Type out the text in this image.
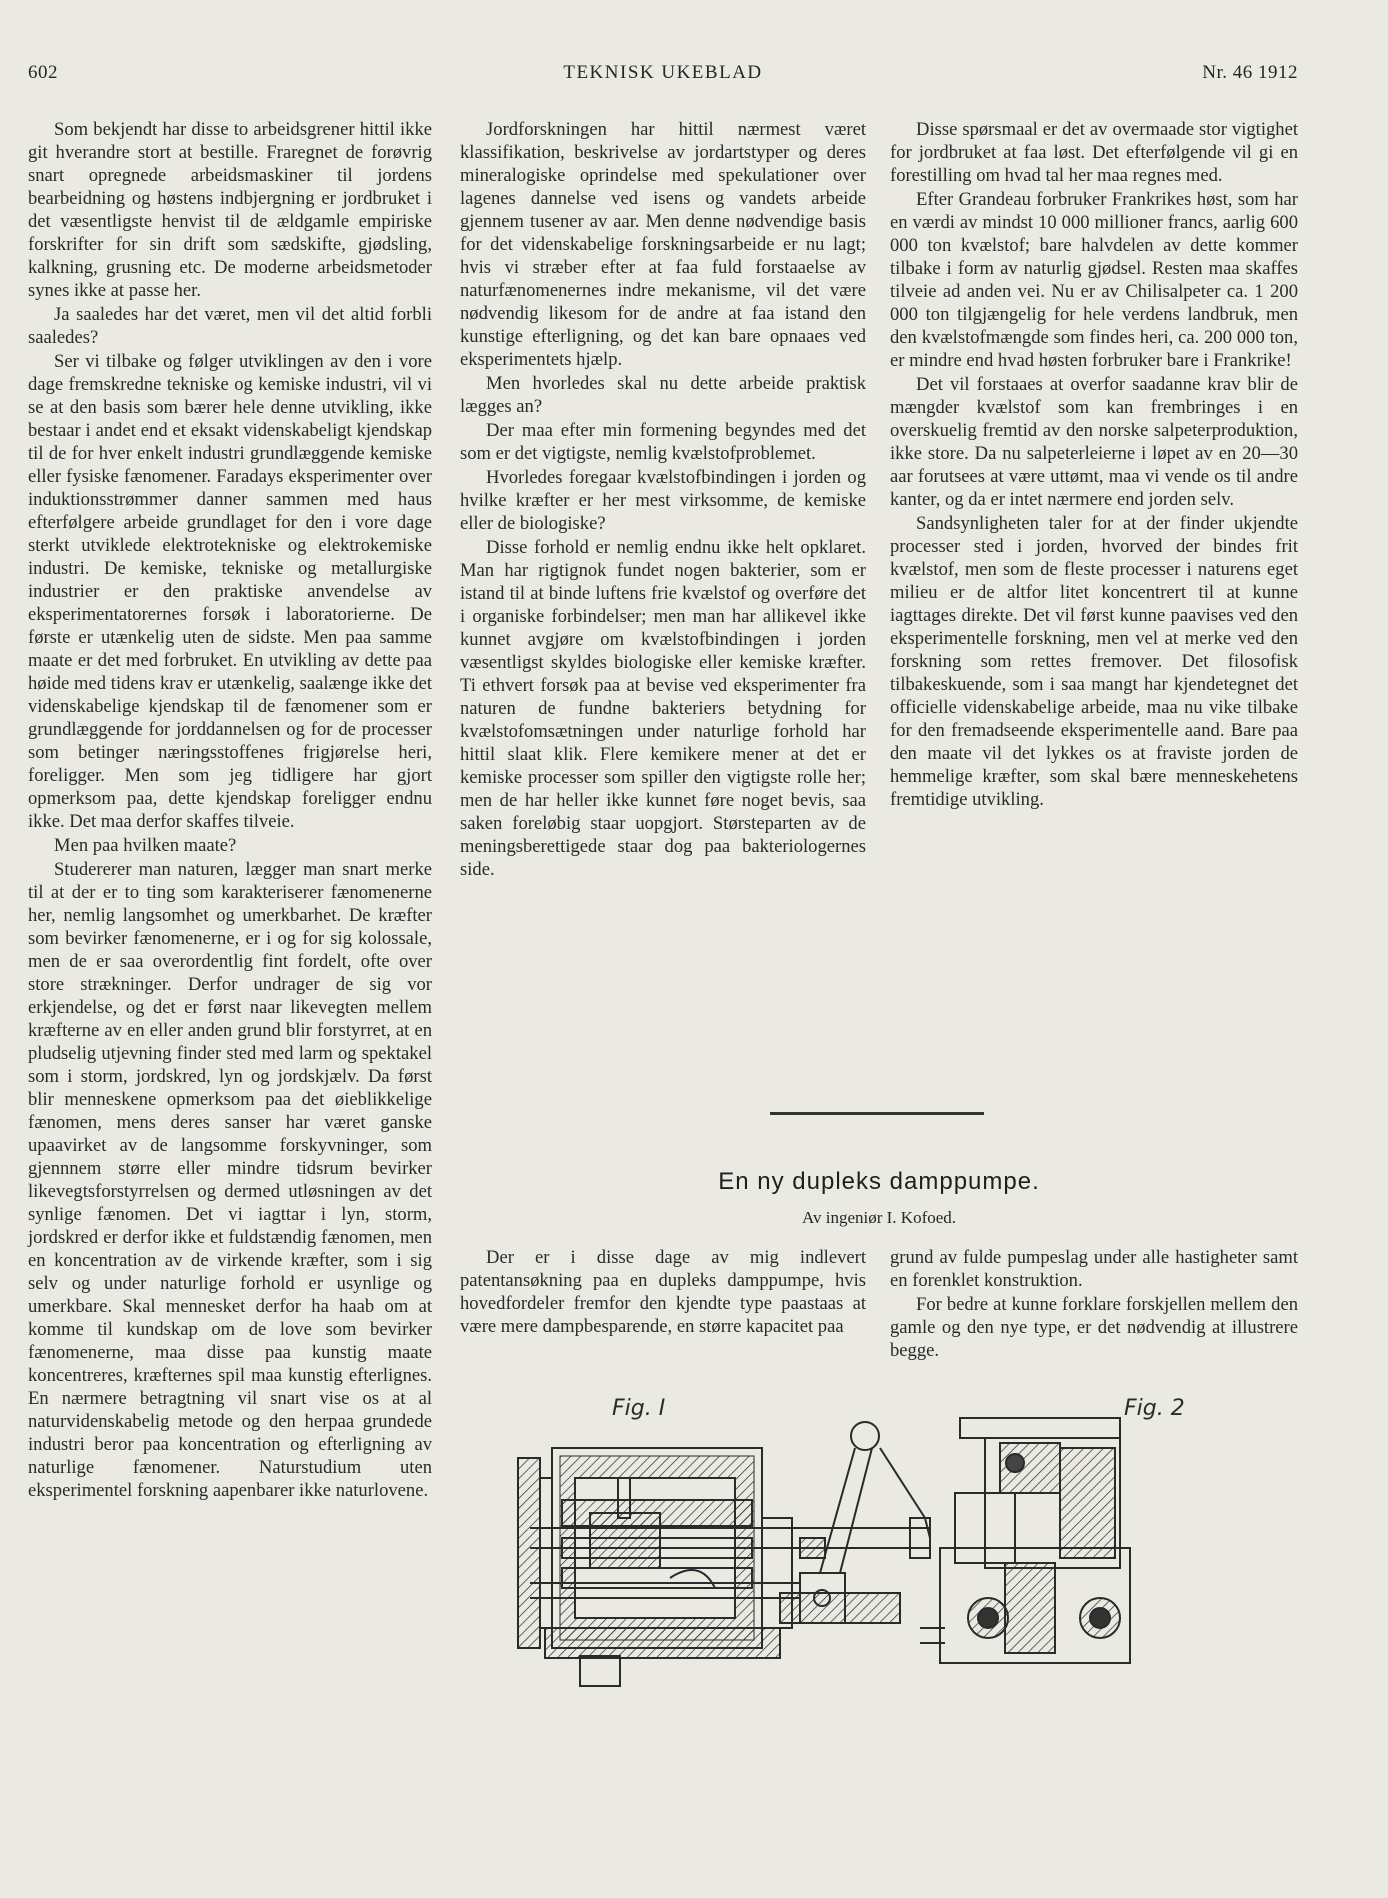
602	TEKNISK UKEBLAD	Nr. 46 1912

Som bekjendt har disse to arbeidsgrener hittil ikke git hverandre stort at bestille. Fraregnet de forøvrig snart opregnede arbeidsmaskiner til jordens bearbeidning og høstens indbjergning er jordbruket i det væsentligste henvist til de ældgamle empiriske forskrifter for sin drift som sædskifte, gjødsling, kalkning, grusning etc. De moderne arbeidsmetoder synes ikke at passe her.

Ja saaledes har det været, men vil det altid forbli saaledes?

Ser vi tilbake og følger utviklingen av den i vore dage fremskredne tekniske og kemiske industri, vil vi se at den basis som bærer hele denne utvikling, ikke bestaar i andet end et eksakt videnskabeligt kjendskap til de for hver enkelt industri grundlæggende kemiske eller fysiske fænomener. Faradays eksperimenter over induktionsstrømmer danner sammen med haus efterfølgere arbeide grundlaget for den i vore dage sterkt utviklede elektrotekniske og elektrokemiske industri. De kemiske, tekniske og metallurgiske industrier er den praktiske anvendelse av eksperimentatorernes forsøk i laboratorierne. De første er utænkelig uten de sidste. Men paa samme maate er det med forbruket. En utvikling av dette paa høide med tidens krav er utænkelig, saalænge ikke det videnskabelige kjendskap til de fænomener som er grundlæggende for jorddannelsen og for de processer som betinger næringsstoffenes frigjørelse heri, foreligger. Men som jeg tidligere har gjort opmerksom paa, dette kjendskap foreligger endnu ikke. Det maa derfor skaffes tilveie.

Men paa hvilken maate?

Studererer man naturen, lægger man snart merke til at der er to ting som karakteriserer fænomenerne her, nemlig langsomhet og umerkbarhet. De kræfter som bevirker fænomenerne, er i og for sig kolossale, men de er saa overordentlig fint fordelt, ofte over store strækninger. Derfor undrager de sig vor erkjendelse, og det er først naar likevegten mellem kræfterne av en eller anden grund blir forstyrret, at en pludselig utjevning finder sted med larm og spektakel som i storm, jordskred, lyn og jordskjælv. Da først blir menneskene opmerksom paa det øieblikkelige fænomen, mens deres sanser har været ganske upaavirket av de langsomme forskyvninger, som gjennnem større eller mindre tidsrum bevirker likevegtsforstyrrelsen og dermed utløsningen av det synlige fænomen. Det vi iagttar i lyn, storm, jordskred er derfor ikke et fuldstændig fænomen, men en koncentration av de virkende kræfter, som i sig selv og under naturlige forhold er usynlige og umerkbare. Skal mennesket derfor ha haab om at komme til kundskap om de love som bevirker fænomenerne, maa disse paa kunstig maate koncentreres, kræfternes spil maa kunstig efterlignes. En nærmere betragtning vil snart vise os at al naturvidenskabelig metode og den herpaa grundede industri beror paa koncentration og efterligning av naturlige fænomener. Naturstudium uten eksperimentel forskning aapenbarer ikke naturlovene.

Jordforskningen har hittil nærmest været klassifikation, beskrivelse av jordartstyper og deres mineralogiske oprindelse med spekulationer over lagenes dannelse ved isens og vandets arbeide gjennem tusener av aar. Men denne nødvendige basis for det videnskabelige forskningsarbeide er nu lagt; hvis vi stræber efter at faa fuld forstaaelse av naturfænomenernes indre mekanisme, vil det være nødvendig likesom for de andre at faa istand den kunstige efterligning, og det kan bare opnaaes ved eksperimentets hjælp.

Men hvorledes skal nu dette arbeide praktisk lægges an?

Der maa efter min formening begyndes med det som er det vigtigste, nemlig kvælstofproblemet.

Hvorledes foregaar kvælstofbindingen i jorden og hvilke kræfter er her mest virksomme, de kemiske eller de biologiske?

Disse forhold er nemlig endnu ikke helt opklaret. Man har rigtignok fundet nogen bakterier, som er istand til at binde luftens frie kvælstof og overføre det i organiske forbindelser; men man har allikevel ikke kunnet avgjøre om kvælstofbindingen i jorden væsentligst skyldes biologiske eller kemiske kræfter. Ti ethvert forsøk paa at bevise ved eksperimenter fra naturen de fundne bakteriers betydning for kvælstofomsætningen under naturlige forhold har hittil slaat klik. Flere kemikere mener at det er kemiske processer som spiller den vigtigste rolle her; men de har heller ikke kunnet føre noget bevis, saa saken foreløbig staar uopgjort. Størsteparten av de meningsberettigede staar dog paa bakteriologernes side.

Disse spørsmaal er det av overmaade stor vigtighet for jordbruket at faa løst. Det efterfølgende vil gi en forestilling om hvad tal her maa regnes med.

Efter Grandeau forbruker Frankrikes høst, som har en værdi av mindst 10 000 millioner francs, aarlig 600 000 ton kvælstof; bare halvdelen av dette kommer tilbake i form av naturlig gjødsel. Resten maa skaffes tilveie ad anden vei. Nu er av Chilisalpeter ca. 1 200 000 ton tilgjængelig for hele verdens landbruk, men den kvælstofmængde som findes heri, ca. 200 000 ton, er mindre end hvad høsten forbruker bare i Frankrike!

Det vil forstaaes at overfor saadanne krav blir de mængder kvælstof som kan frembringes i en overskuelig fremtid av den norske salpeterproduktion, ikke store. Da nu salpeterleierne i løpet av en 20—30 aar forutsees at være uttømt, maa vi vende os til andre kanter, og da er intet nærmere end jorden selv.

Sandsynligheten taler for at der finder ukjendte processer sted i jorden, hvorved der bindes frit kvælstof, men som de fleste processer i naturens eget milieu er de altfor litet koncentrert til at kunne iagttages direkte. Det vil først kunne paavises ved den eksperimentelle forskning, men vel at merke ved den forskning som rettes fremover. Det filosofisk tilbakeskuende, som i saa mangt har kjendetegnet det officielle videnskabelige arbeide, maa nu vike tilbake for den fremadseende eksperimentelle aand. Bare paa den maate vil det lykkes os at fraviste jorden de hemmelige kræfter, som skal bære menneskehetens fremtidige utvikling.

En ny dupleks damppumpe.
Av ingeniør I. Kofoed.

Der er i disse dage av mig indlevert patentansøkning paa en dupleks damppumpe, hvis hovedfordeler fremfor den kjendte type paastaas at være mere dampbesparende, en større kapacitet paa

grund av fulde pumpeslag under alle hastigheter samt en forenklet konstruktion.

For bedre at kunne forklare forskjellen mellem den gamle og den nye type, er det nødvendig at illustrere begge.

Fig. I	Fig. 2
